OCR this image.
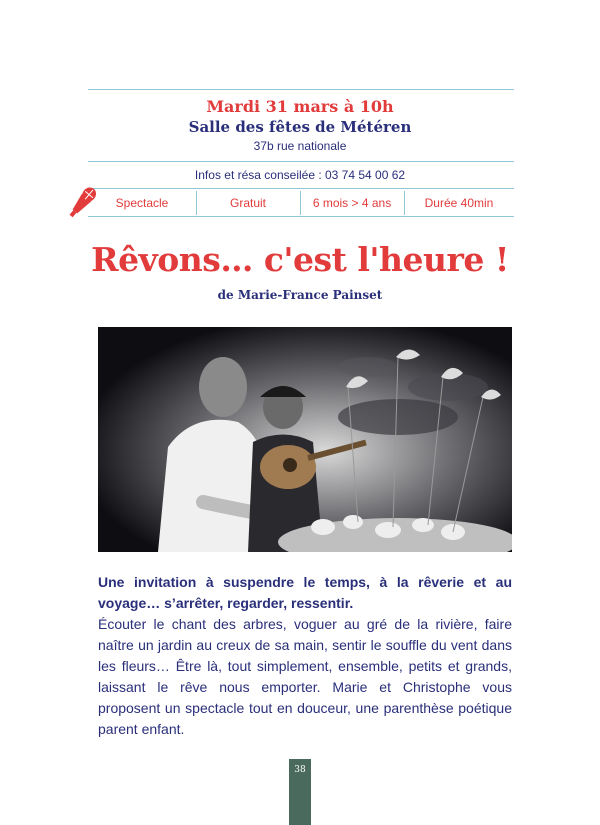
Mardi 31 mars à 10h
Salle des fêtes de Météren
37b rue nationale
Infos et résa conseilée : 03 74 54 00 62
Spectacle	Gratuit	6 mois > 4 ans	Durée 40min
Rêvons… c'est l'heure !
de Marie-France Painset
Une invitation à suspendre le temps, à la rêverie et au voyage… s’arrêter, regarder, ressentir.
Écouter le chant des arbres, voguer au gré de la rivière, faire naître un jardin au creux de sa main, sentir le souffle du vent dans les fleurs… Être là, tout simplement, ensemble, petits et grands, laissant le rêve nous emporter. Marie et Christophe vous proposent un spectacle tout en douceur, une parenthèse poétique parent enfant.
38
